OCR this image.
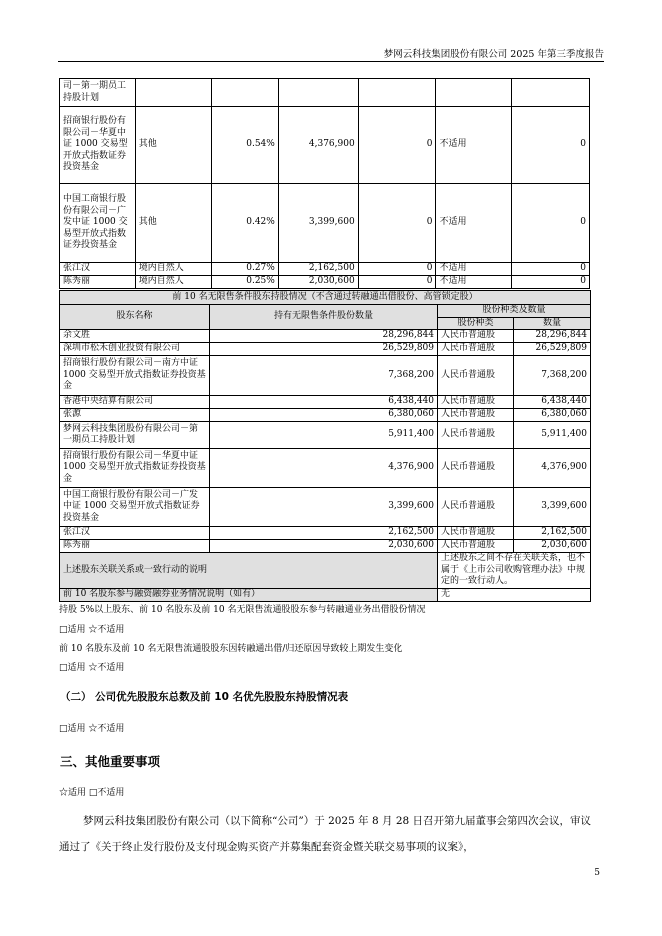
梦网云科技集团股份有限公司 2025 年第三季度报告
司－第一期员工持股计划						
招商银行股份有限公司－华夏中证 1000 交易型开放式指数证券投资基金	其他	0.54%	4,376,900	0	不适用	0
中国工商银行股份有限公司－广发中证 1000 交易型开放式指数证券投资基金	其他	0.42%	3,399,600	0	不适用	0
张江汉	境内自然人	0.27%	2,162,500	0	不适用	0
陈秀丽	境内自然人	0.25%	2,030,600	0	不适用	0
前 10 名无限售条件股东持股情况（不含通过转融通出借股份、高管锁定股）			
股东名称	持有无限售条件股份数量	股份种类及数量	
		股份种类	数量
余文胜	28,296,844	人民币普通股	28,296,844
深圳市松禾创业投资有限公司	26,529,809	人民币普通股	26,529,809
招商银行股份有限公司－南方中证 1000 交易型开放式指数证券投资基金	7,368,200	人民币普通股	7,368,200
香港中央结算有限公司	6,438,440	人民币普通股	6,438,440
张源	6,380,060	人民币普通股	6,380,060
梦网云科技集团股份有限公司－第一期员工持股计划	5,911,400	人民币普通股	5,911,400
招商银行股份有限公司－华夏中证 1000 交易型开放式指数证券投资基金	4,376,900	人民币普通股	4,376,900
中国工商银行股份有限公司－广发中证 1000 交易型开放式指数证券投资基金	3,399,600	人民币普通股	3,399,600
张江汉	2,162,500	人民币普通股	2,162,500
陈秀丽	2,030,600	人民币普通股	2,030,600
上述股东关联关系或一致行动的说明		上述股东之间不存在关联关系，也不属于《上市公司收购管理办法》中规定的一致行动人。	
前 10 名股东参与融资融券业务情况说明（如有）		无	
持股 5%以上股东、前 10 名股东及前 10 名无限售流通股股东参与转融通业务出借股份情况
□适用 ☆不适用
前 10 名股东及前 10 名无限售流通股股东因转融通出借/归还原因导致较上期发生变化
□适用 ☆不适用
（二） 公司优先股股东总数及前 10 名优先股股东持股情况表
□适用 ☆不适用
三、其他重要事项
☆适用 □不适用
梦网云科技集团股份有限公司（以下简称“公司”）于 2025 年 8 月 28 日召开第九届董事会第四次会议，审议通过了《关于终止发行股份及支付现金购买资产并募集配套资金暨关联交易事项的议案》，
5
